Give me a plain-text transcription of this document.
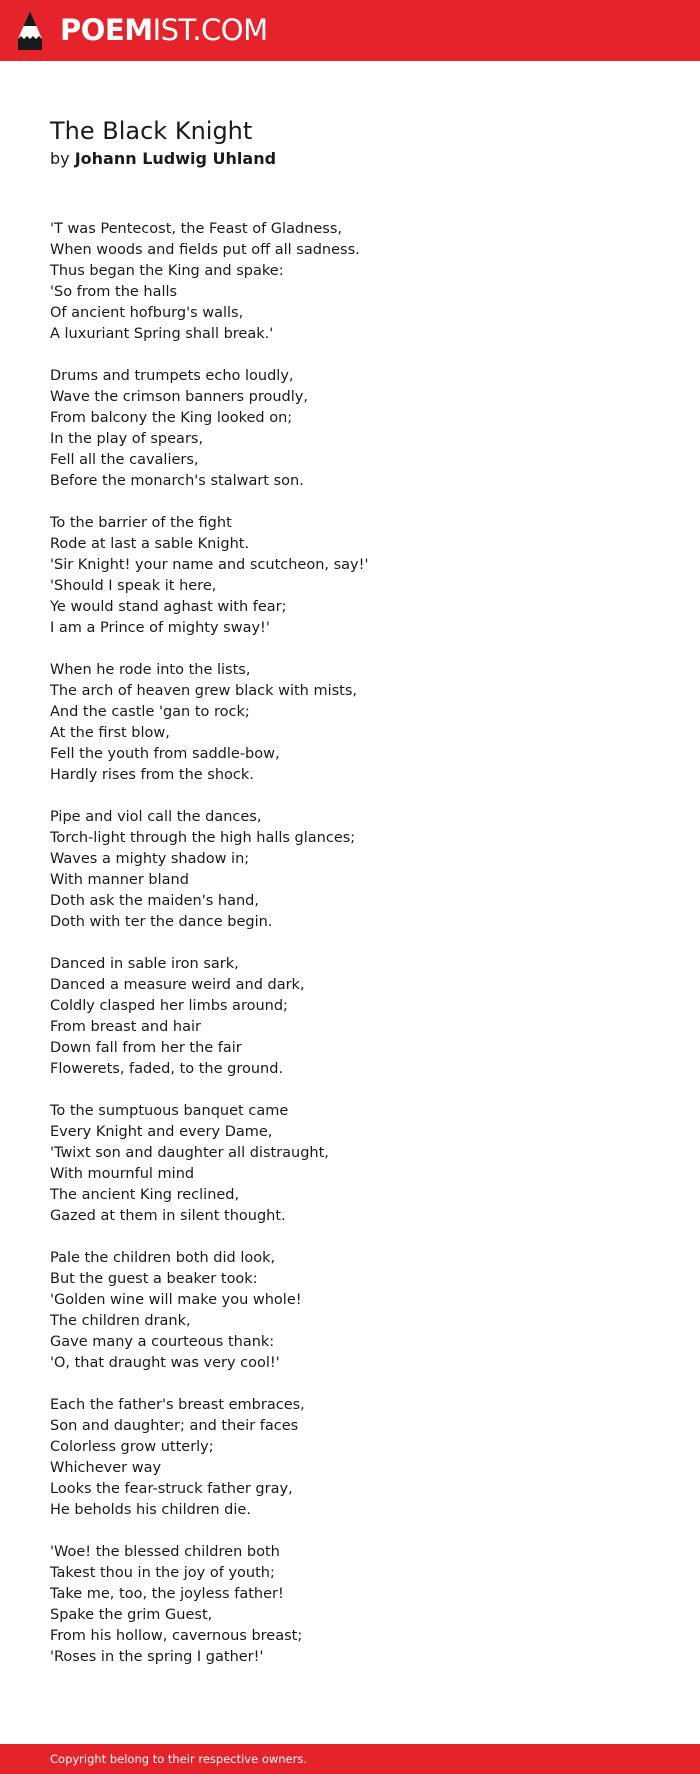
POEMIST.COM
The Black Knight
by Johann Ludwig Uhland
'T was Pentecost, the Feast of Gladness,
When woods and fields put off all sadness.
Thus began the King and spake:
'So from the halls
Of ancient hofburg's walls,
A luxuriant Spring shall break.'
Drums and trumpets echo loudly,
Wave the crimson banners proudly,
From balcony the King looked on;
In the play of spears,
Fell all the cavaliers,
Before the monarch's stalwart son.
To the barrier of the fight
Rode at last a sable Knight.
'Sir Knight! your name and scutcheon, say!'
'Should I speak it here,
Ye would stand aghast with fear;
I am a Prince of mighty sway!'
When he rode into the lists,
The arch of heaven grew black with mists,
And the castle 'gan to rock;
At the first blow,
Fell the youth from saddle-bow,
Hardly rises from the shock.
Pipe and viol call the dances,
Torch-light through the high halls glances;
Waves a mighty shadow in;
With manner bland
Doth ask the maiden's hand,
Doth with ter the dance begin.
Danced in sable iron sark,
Danced a measure weird and dark,
Coldly clasped her limbs around;
From breast and hair
Down fall from her the fair
Flowerets, faded, to the ground.
To the sumptuous banquet came
Every Knight and every Dame,
'Twixt son and daughter all distraught,
With mournful mind
The ancient King reclined,
Gazed at them in silent thought.
Pale the children both did look,
But the guest a beaker took:
'Golden wine will make you whole!
The children drank,
Gave many a courteous thank:
'O, that draught was very cool!'
Each the father's breast embraces,
Son and daughter; and their faces
Colorless grow utterly;
Whichever way
Looks the fear-struck father gray,
He beholds his children die.
'Woe! the blessed children both
Takest thou in the joy of youth;
Take me, too, the joyless father!
Spake the grim Guest,
From his hollow, cavernous breast;
'Roses in the spring I gather!'
Copyright belong to their respective owners.
